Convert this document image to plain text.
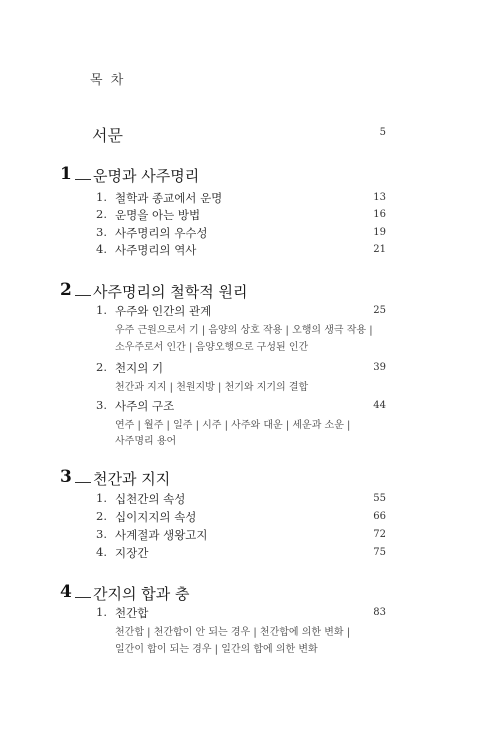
목 차
서문	5
1 운명과 사주명리
1. 철학과 종교에서 운명	13
2. 운명을 아는 방법	16
3. 사주명리의 우수성	19
4. 사주명리의 역사	21
2 사주명리의 철학적 원리
1. 우주와 인간의 관계	25
우주 근원으로서 기 | 음양의 상호 작용 | 오행의 생극 작용 |
소우주로서 인간 | 음양오행으로 구성된 인간
2. 천지의 기	39
천간과 지지 | 천원지방 | 천기와 지기의 결합
3. 사주의 구조	44
연주 | 월주 | 일주 | 시주 | 사주와 대운 | 세운과 소운 |
사주명리 용어
3 천간과 지지
1. 십천간의 속성	55
2. 십이지지의 속성	66
3. 사계절과 생왕고지	72
4. 지장간	75
4 간지의 합과 충
1. 천간합	83
천간합 | 천간합이 안 되는 경우 | 천간합에 의한 변화 |
일간이 합이 되는 경우 | 일간의 합에 의한 변화
